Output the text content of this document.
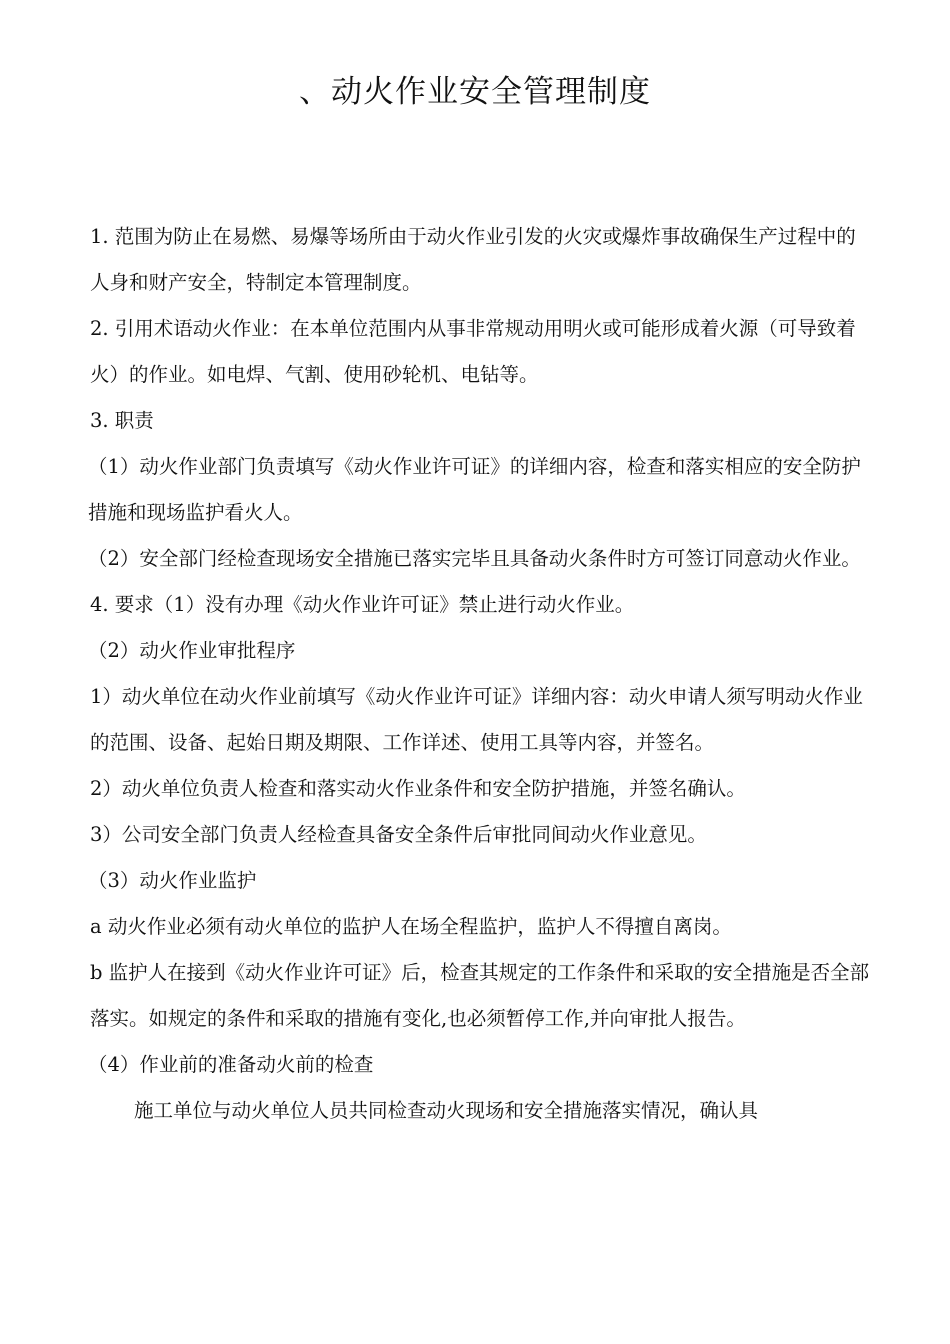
、动火作业安全管理制度

1. 范围为防止在易燃、易爆等场所由于动火作业引发的火灾或爆炸事故确保生产过程中的人身和财产安全，特制定本管理制度。

2. 引用术语动火作业：在本单位范围内从事非常规动用明火或可能形成着火源（可导致着火）的作业。如电焊、气割、使用砂轮机、电钻等。

3. 职责

（1）动火作业部门负责填写《动火作业许可证》的详细内容，检查和落实相应的安全防护措施和现场监护看火人。

（2）安全部门经检查现场安全措施已落实完毕且具备动火条件时方可签订同意动火作业。

4. 要求（1）没有办理《动火作业许可证》禁止进行动火作业。

（2）动火作业审批程序

1）动火单位在动火作业前填写《动火作业许可证》详细内容：动火申请人须写明动火作业的范围、设备、起始日期及期限、工作详述、使用工具等内容，并签名。

2）动火单位负责人检查和落实动火作业条件和安全防护措施，并签名确认。

3）公司安全部门负责人经检查具备安全条件后审批同间动火作业意见。

（3）动火作业监护

a 动火作业必须有动火单位的监护人在场全程监护，监护人不得擅自离岗。

b 监护人在接到《动火作业许可证》后，检查其规定的工作条件和采取的安全措施是否全部落实。如规定的条件和采取的措施有变化,也必须暂停工作,并向审批人报告。

（4）作业前的准备动火前的检查

施工单位与动火单位人员共同检查动火现场和安全措施落实情况，确认具
